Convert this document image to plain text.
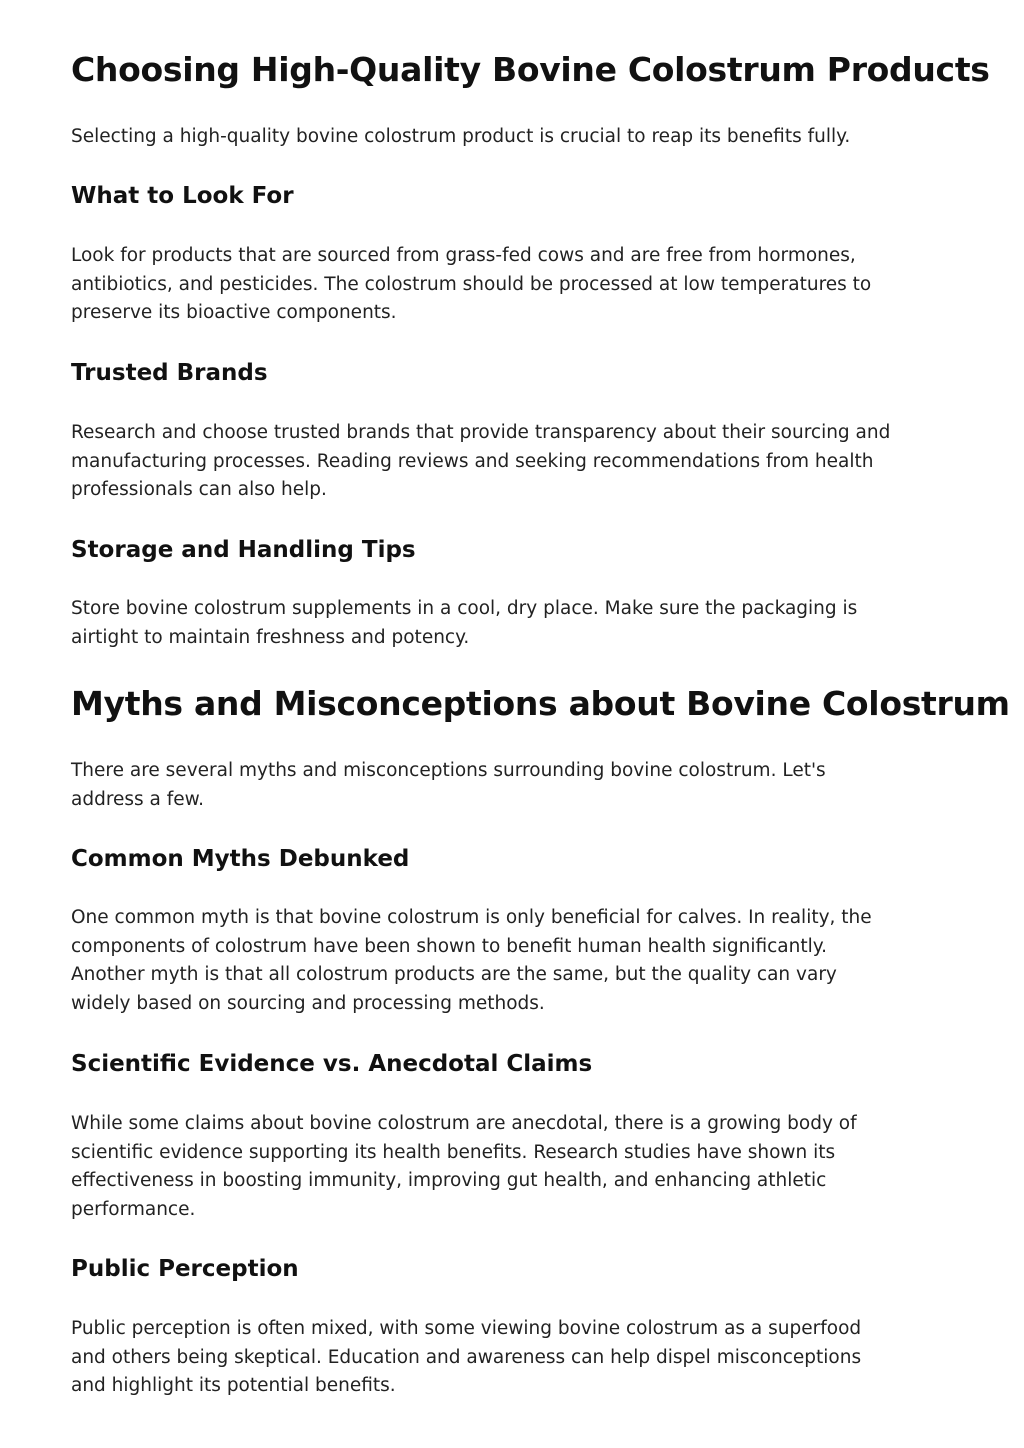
Choosing High-Quality Bovine Colostrum Products

Selecting a high-quality bovine colostrum product is crucial to reap its benefits fully.

What to Look For

Look for products that are sourced from grass-fed cows and are free from hormones,
antibiotics, and pesticides. The colostrum should be processed at low temperatures to
preserve its bioactive components.

Trusted Brands

Research and choose trusted brands that provide transparency about their sourcing and
manufacturing processes. Reading reviews and seeking recommendations from health
professionals can also help.

Storage and Handling Tips

Store bovine colostrum supplements in a cool, dry place. Make sure the packaging is
airtight to maintain freshness and potency.

Myths and Misconceptions about Bovine Colostrum

There are several myths and misconceptions surrounding bovine colostrum. Let's
address a few.

Common Myths Debunked

One common myth is that bovine colostrum is only beneficial for calves. In reality, the
components of colostrum have been shown to benefit human health significantly.
Another myth is that all colostrum products are the same, but the quality can vary
widely based on sourcing and processing methods.

Scientific Evidence vs. Anecdotal Claims

While some claims about bovine colostrum are anecdotal, there is a growing body of
scientific evidence supporting its health benefits. Research studies have shown its
effectiveness in boosting immunity, improving gut health, and enhancing athletic
performance.

Public Perception

Public perception is often mixed, with some viewing bovine colostrum as a superfood
and others being skeptical. Education and awareness can help dispel misconceptions
and highlight its potential benefits.
